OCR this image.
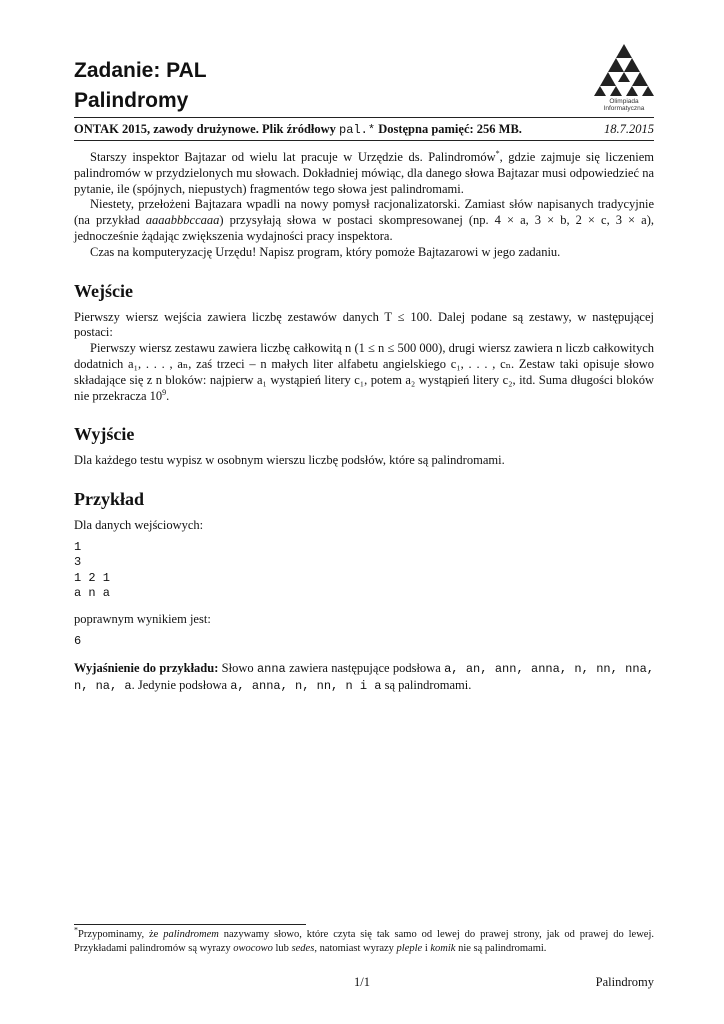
Zadanie: PAL
Palindromy	Olimpiada
Informatyczna
ONTAK 2015, zawody drużynowe. Plik źródłowy pal.* Dostępna pamięć: 256 MB.	18.7.2015

Starszy inspektor Bajtazar od wielu lat pracuje w Urzędzie ds. Palindromów*, gdzie zajmuje się liczeniem palindromów w przydzielonych mu słowach. Dokładniej mówiąc, dla danego słowa Bajtazar musi odpowiedzieć na pytanie, ile (spójnych, niepustych) fragmentów tego słowa jest palindromami.

Niestety, przełożeni Bajtazara wpadli na nowy pomysł racjonalizatorski. Zamiast słów napisanych tradycyjnie (na przykład aaaabbbccaaa) przysyłają słowa w postaci skompresowanej (np. 4 × a, 3 × b, 2 × c, 3 × a), jednocześnie żądając zwiększenia wydajności pracy inspektora.

Czas na komputeryzację Urzędu! Napisz program, który pomoże Bajtazarowi w jego zadaniu.

Wejście

Pierwszy wiersz wejścia zawiera liczbę zestawów danych T ≤ 100. Dalej podane są zestawy, w następującej postaci:

Pierwszy wiersz zestawu zawiera liczbę całkowitą n (1 ≤ n ≤ 500 000), drugi wiersz zawiera n liczb całkowitych dodatnich a₁, . . . , aₙ, zaś trzeci – n małych liter alfabetu angielskiego c₁, . . . , cₙ. Zestaw taki opisuje słowo składające się z n bloków: najpierw a₁ wystąpień litery c₁, potem a₂ wystąpień litery c₂, itd. Suma długości bloków nie przekracza $10^9$.

Wyjście

Dla każdego testu wypisz w osobnym wierszu liczbę podsłów, które są palindromami.

Przykład

Dla danych wejściowych:

1
3
1 2 1
a n a

poprawnym wynikiem jest:

6

Wyjaśnienie do przykładu: Słowo anna zawiera następujące podsłowa a, an, ann, anna, n, nn, nna, n, na, a. Jedynie podsłowa a, anna, n, nn, n i a są palindromami.

*Przypominamy, że palindromem nazywamy słowo, które czyta się tak samo od lewej do prawej strony, jak od prawej do lewej. Przykładami palindromów są wyrazy owocowo lub sedes, natomiast wyrazy pleple i komik nie są palindromami.
1/1	Palindromy
